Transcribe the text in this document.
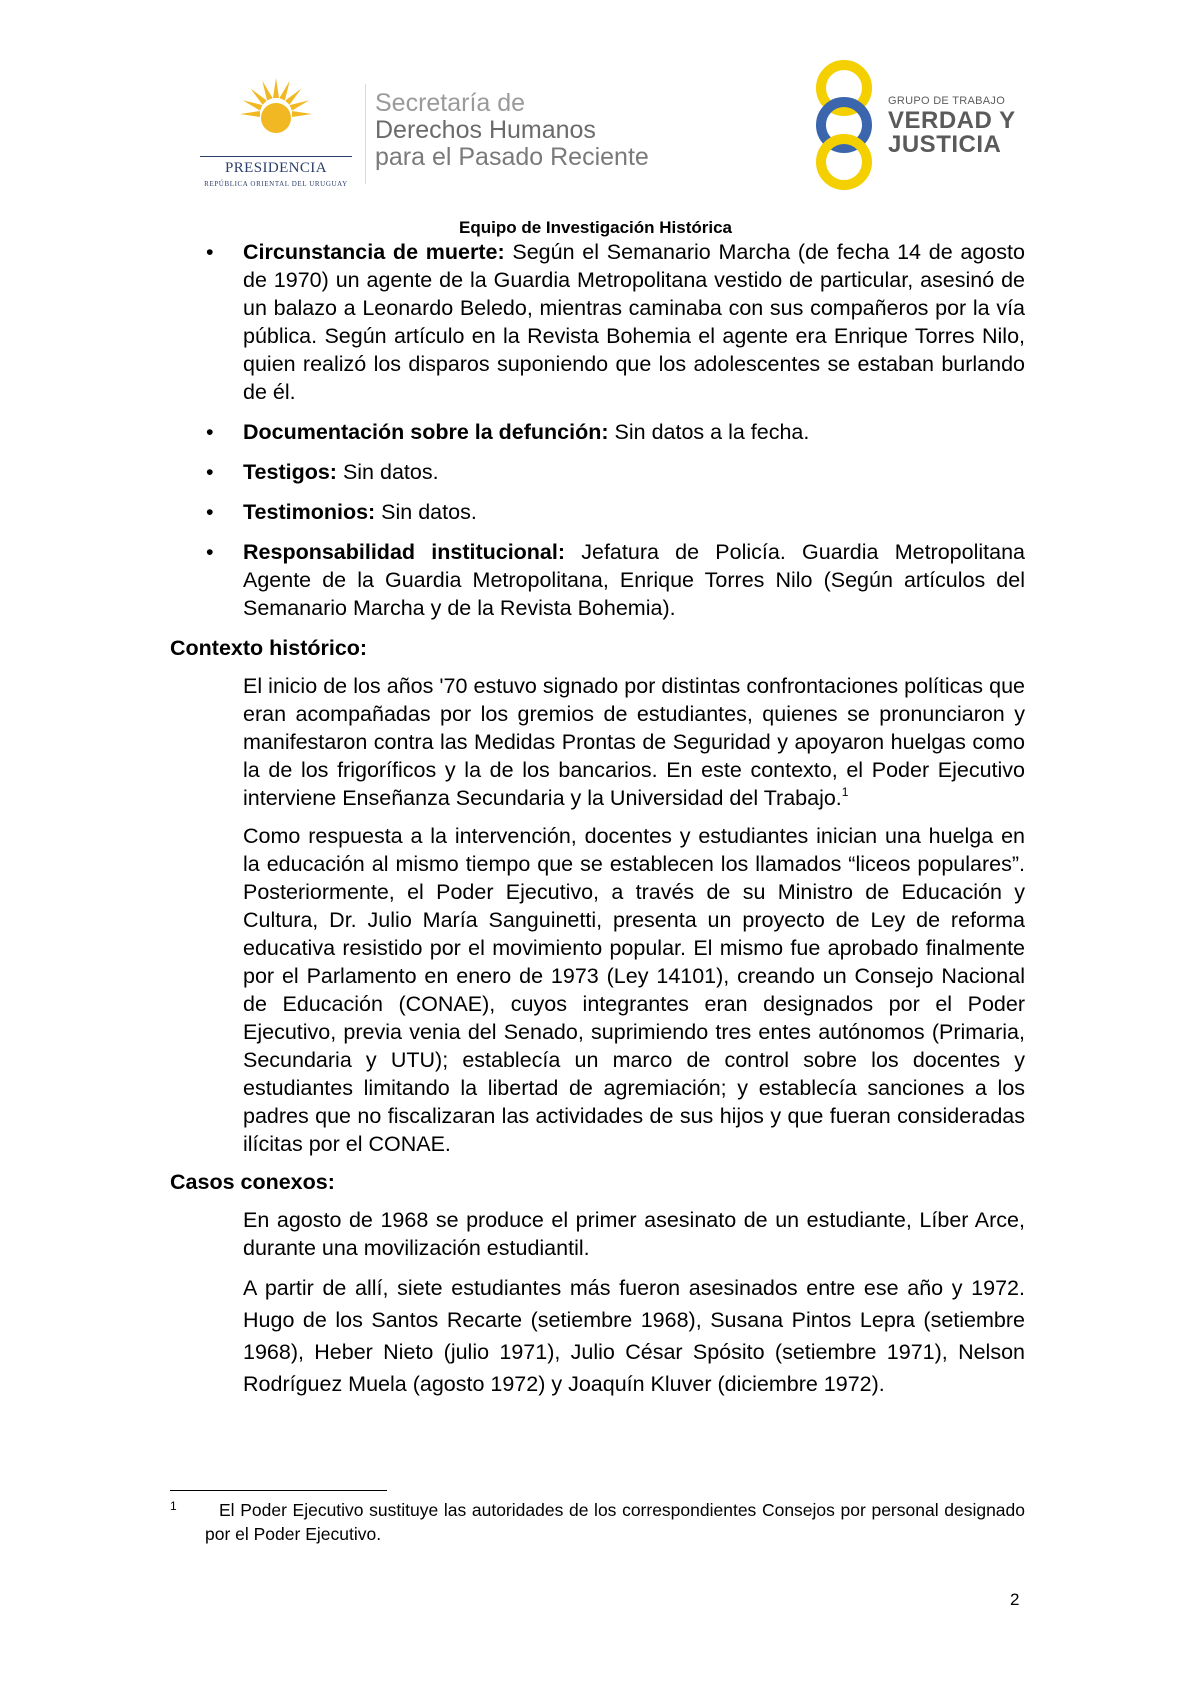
PRESIDENCIA
REPÚBLICA ORIENTAL DEL URUGUAY
Secretaría de
Derechos Humanos
para el Pasado Reciente
GRUPO DE TRABAJO
VERDAD Y
JUSTICIA
Equipo de Investigación Histórica
• Circunstancia de muerte: Según el Semanario Marcha (de fecha 14 de agosto de 1970) un agente de la Guardia Metropolitana vestido de particular, asesinó de un balazo a Leonardo Beledo, mientras caminaba con sus compañeros por la vía pública. Según artículo en la Revista Bohemia el agente era Enrique Torres Nilo, quien realizó los disparos suponiendo que los adolescentes se estaban burlando de él.
• Documentación sobre la defunción: Sin datos a la fecha.
• Testigos: Sin datos.
• Testimonios: Sin datos.
• Responsabilidad institucional: Jefatura de Policía. Guardia Metropolitana Agente de la Guardia Metropolitana, Enrique Torres Nilo (Según artículos del Semanario Marcha y de la Revista Bohemia).
Contexto histórico:

El inicio de los años '70 estuvo signado por distintas confrontaciones políticas que eran acompañadas por los gremios de estudiantes, quienes se pronunciaron y manifestaron contra las Medidas Prontas de Seguridad y apoyaron huelgas como la de los frigoríficos y la de los bancarios. En este contexto, el Poder Ejecutivo interviene Enseñanza Secundaria y la Universidad del Trabajo.$^1$

Como respuesta a la intervención, docentes y estudiantes inician una huelga en la educación al mismo tiempo que se establecen los llamados “liceos populares”. Posteriormente, el Poder Ejecutivo, a través de su Ministro de Educación y Cultura, Dr. Julio María Sanguinetti, presenta un proyecto de Ley de reforma educativa resistido por el movimiento popular. El mismo fue aprobado finalmente por el Parlamento en enero de 1973 (Ley 14101), creando un Consejo Nacional de Educación (CONAE), cuyos integrantes eran designados por el Poder Ejecutivo, previa venia del Senado, suprimiendo tres entes autónomos (Primaria, Secundaria y UTU); establecía un marco de control sobre los docentes y estudiantes limitando la libertad de agremiación; y establecía sanciones a los padres que no fiscalizaran las actividades de sus hijos y que fueran consideradas ilícitas por el CONAE.

Casos conexos:

En agosto de 1968 se produce el primer asesinato de un estudiante, Líber Arce, durante una movilización estudiantil.

A partir de allí, siete estudiantes más fueron asesinados entre ese año y 1972. Hugo de los Santos Recarte (setiembre 1968), Susana Pintos Lepra (setiembre 1968), Heber Nieto (julio 1971), Julio César Spósito (setiembre 1971), Nelson Rodríguez Muela (agosto 1972) y Joaquín Kluver (diciembre 1972).

1	El Poder Ejecutivo sustituye las autoridades de los correspondientes Consejos por personal designado por el Poder Ejecutivo.
2
